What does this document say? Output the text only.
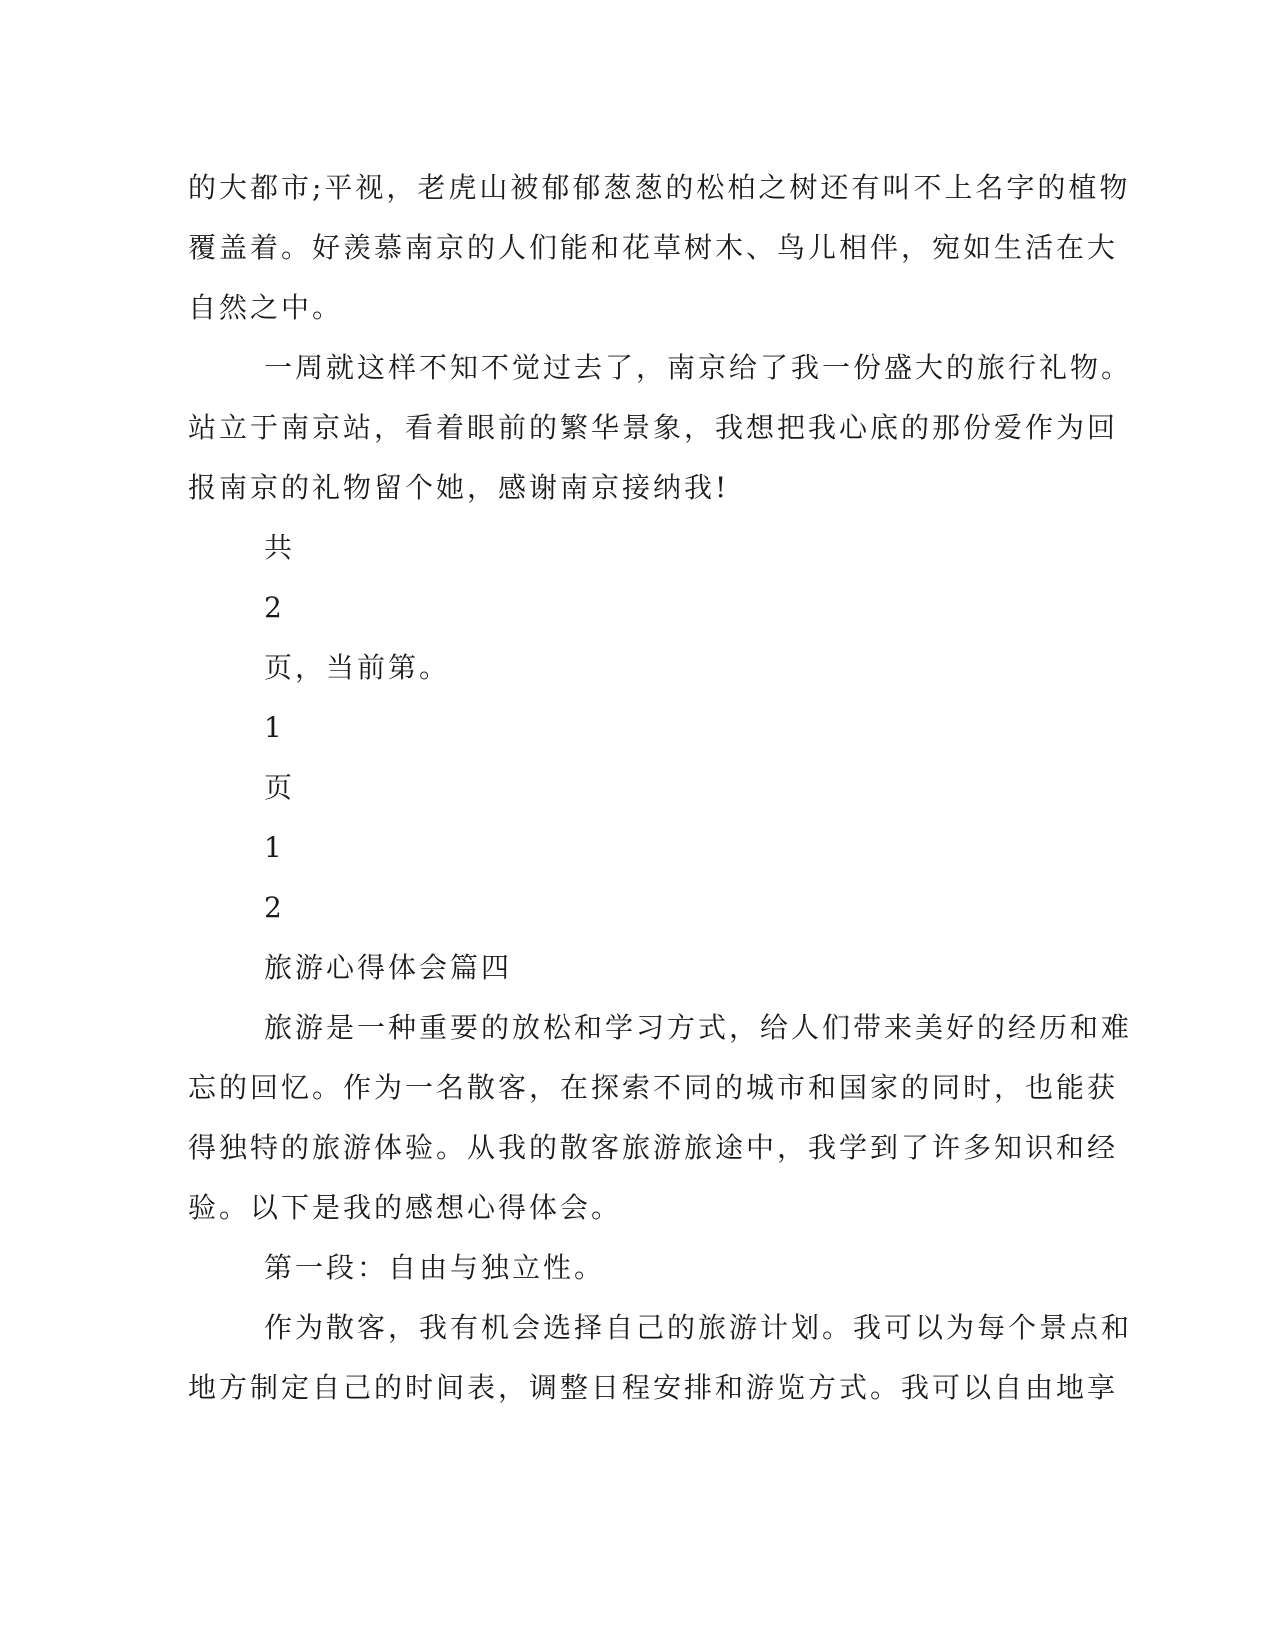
的大都市;平视，老虎山被郁郁葱葱的松柏之树还有叫不上名字的植物
覆盖着。好羡慕南京的人们能和花草树木、鸟儿相伴，宛如生活在大
自然之中。
一周就这样不知不觉过去了，南京给了我一份盛大的旅行礼物。
站立于南京站，看着眼前的繁华景象，我想把我心底的那份爱作为回
报南京的礼物留个她，感谢南京接纳我!
共
2
页，当前第。
1
页
1
2
旅游心得体会篇四
旅游是一种重要的放松和学习方式，给人们带来美好的经历和难
忘的回忆。作为一名散客，在探索不同的城市和国家的同时，也能获
得独特的旅游体验。从我的散客旅游旅途中，我学到了许多知识和经
验。以下是我的感想心得体会。
第一段：自由与独立性。
作为散客，我有机会选择自己的旅游计划。我可以为每个景点和
地方制定自己的时间表，调整日程安排和游览方式。我可以自由地享
